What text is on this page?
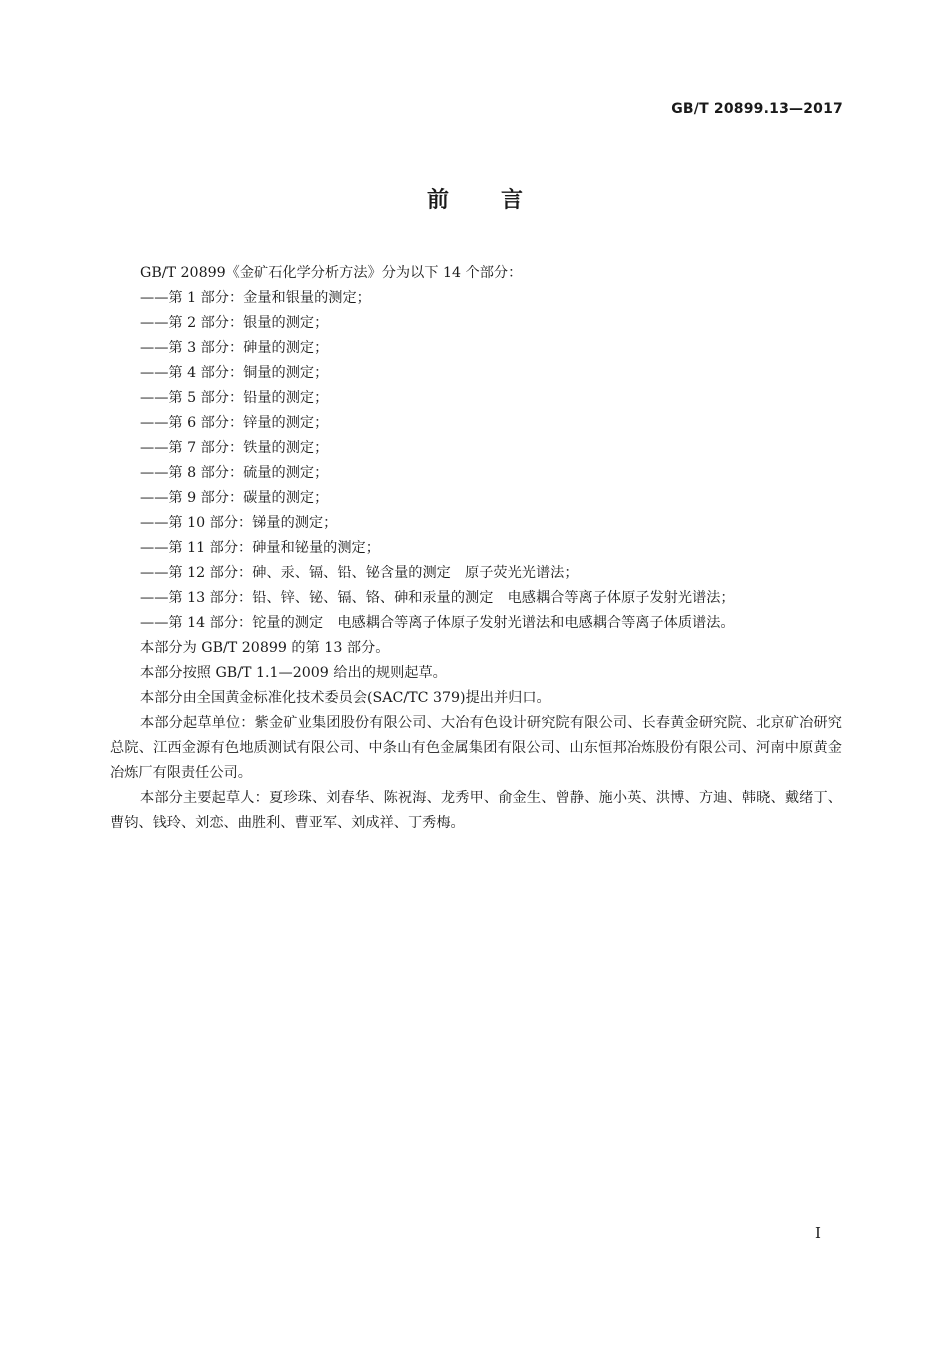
GB/T 20899.13—2017
前 言
GB/T 20899《金矿石化学分析方法》分为以下 14 个部分：
——第 1 部分：金量和银量的测定；
——第 2 部分：银量的测定；
——第 3 部分：砷量的测定；
——第 4 部分：铜量的测定；
——第 5 部分：铅量的测定；
——第 6 部分：锌量的测定；
——第 7 部分：铁量的测定；
——第 8 部分：硫量的测定；
——第 9 部分：碳量的测定；
——第 10 部分：锑量的测定；
——第 11 部分：砷量和铋量的测定；
——第 12 部分：砷、汞、镉、铅、铋含量的测定　原子荧光光谱法；
——第 13 部分：铅、锌、铋、镉、铬、砷和汞量的测定　电感耦合等离子体原子发射光谱法；
——第 14 部分：铊量的测定　电感耦合等离子体原子发射光谱法和电感耦合等离子体质谱法。
本部分为 GB/T 20899 的第 13 部分。
本部分按照 GB/T 1.1—2009 给出的规则起草。
本部分由全国黄金标准化技术委员会(SAC/TC 379)提出并归口。
本部分起草单位：紫金矿业集团股份有限公司、大冶有色设计研究院有限公司、长春黄金研究院、北京矿冶研究总院、江西金源有色地质测试有限公司、中条山有色金属集团有限公司、山东恒邦冶炼股份有限公司、河南中原黄金冶炼厂有限责任公司。
本部分主要起草人：夏珍珠、刘春华、陈祝海、龙秀甲、俞金生、曾静、施小英、洪博、方迪、韩晓、戴绪丁、曹钧、钱玲、刘恋、曲胜利、曹亚军、刘成祥、丁秀梅。
I
